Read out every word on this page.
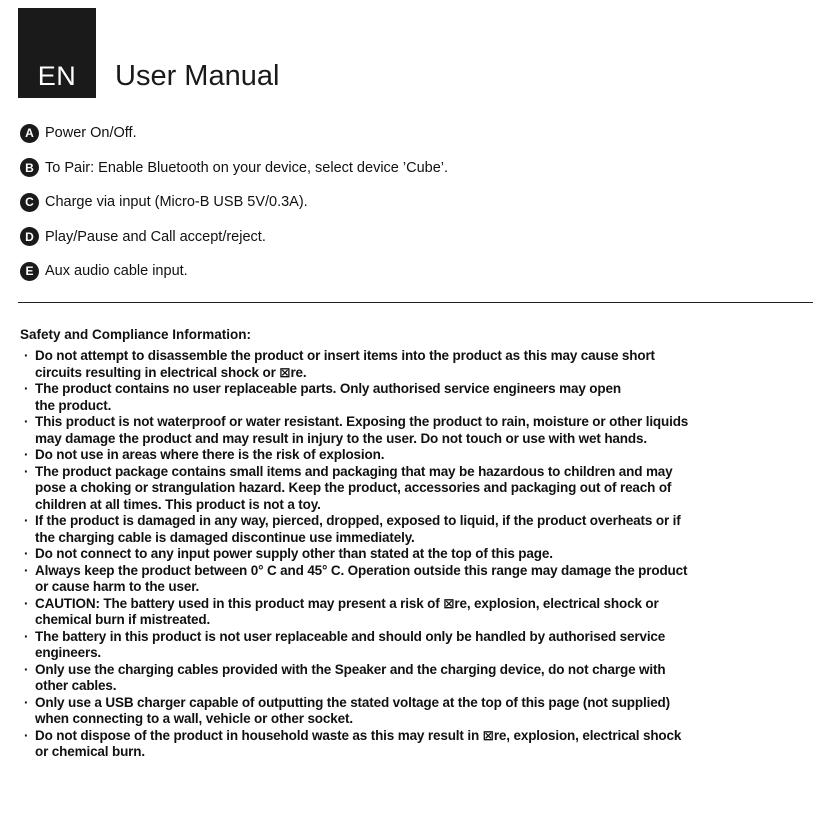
EN	User Manual
A Power On/Off.
B To Pair: Enable Bluetooth on your device, select device ’Cube’.
C Charge via input (Micro-B USB 5V/0.3A).
D Play/Pause and Call accept/reject.
E Aux audio cable input.
Safety and Compliance Information:
· Do not attempt to disassemble the product or insert items into the product as this may cause short
circuits resulting in electrical shock or ⊠re.
· The product contains no user replaceable parts. Only authorised service engineers may open
the product.
· This product is not waterproof or water resistant. Exposing the product to rain, moisture or other liquids
may damage the product and may result in injury to the user. Do not touch or use with wet hands.
· Do not use in areas where there is the risk of explosion.
· The product package contains small items and packaging that may be hazardous to children and may
pose a choking or strangulation hazard. Keep the product, accessories and packaging out of reach of
children at all times. This product is not a toy.
· If the product is damaged in any way, pierced, dropped, exposed to liquid, if the product overheats or if
the charging cable is damaged discontinue use immediately.
· Do not connect to any input power supply other than stated at the top of this page.
· Always keep the product between 0° C and 45° C. Operation outside this range may damage the product
or cause harm to the user.
· CAUTION: The battery used in this product may present a risk of ⊠re, explosion, electrical shock or
chemical burn if mistreated.
· The battery in this product is not user replaceable and should only be handled by authorised service
engineers.
· Only use the charging cables provided with the Speaker and the charging device, do not charge with
other cables.
· Only use a USB charger capable of outputting the stated voltage at the top of this page (not supplied)
when connecting to a wall, vehicle or other socket.
· Do not dispose of the product in household waste as this may result in ⊠re, explosion, electrical shock
or chemical burn.
